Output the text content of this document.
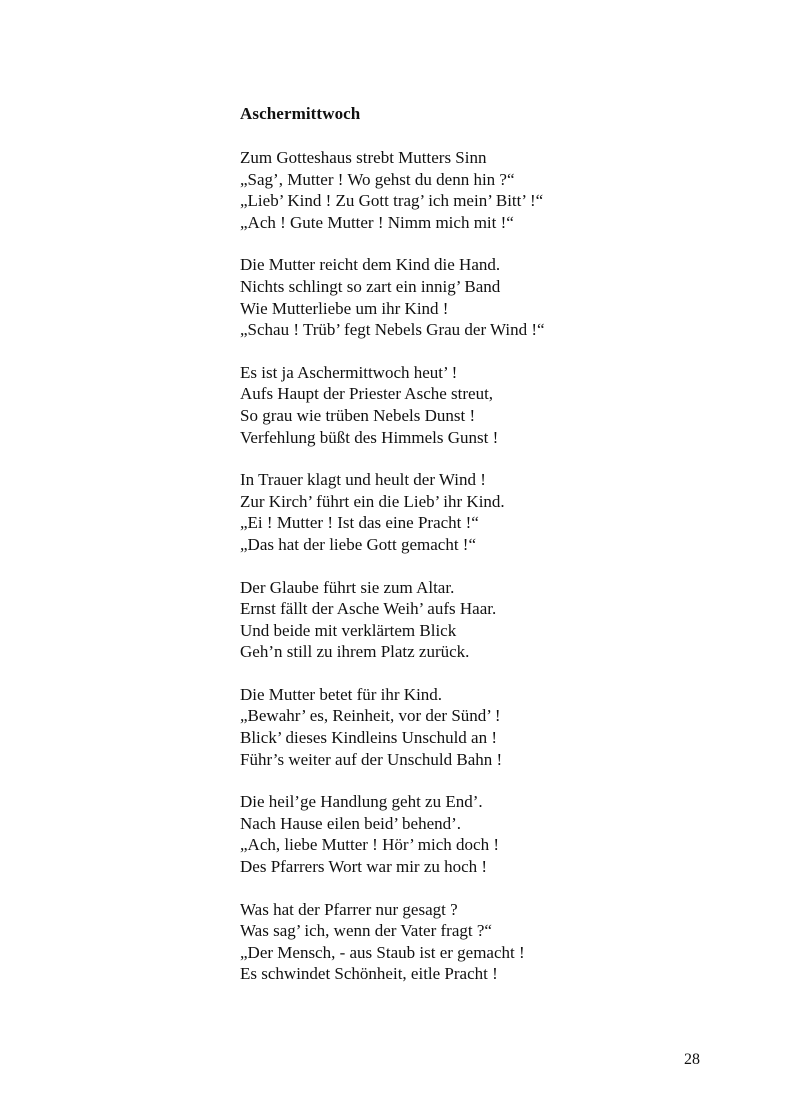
Aschermittwoch
Zum Gotteshaus strebt Mutters Sinn
„Sag’, Mutter ! Wo gehst du denn hin ?“
„Lieb’ Kind ! Zu Gott trag’ ich mein’ Bitt’ !“
„Ach ! Gute Mutter ! Nimm mich mit !“
Die Mutter reicht dem Kind die Hand.
Nichts schlingt so zart ein innig’ Band
Wie Mutterliebe um ihr Kind !
„Schau ! Trüb’ fegt Nebels Grau der Wind !“
Es ist ja Aschermittwoch heut’ !
Aufs Haupt der Priester Asche streut,
So grau wie trüben Nebels Dunst !
Verfehlung büßt des Himmels Gunst !
In Trauer klagt und heult der Wind !
Zur Kirch’ führt ein die Lieb’ ihr Kind.
„Ei ! Mutter ! Ist das eine Pracht !“
„Das hat der liebe Gott gemacht !“
Der Glaube führt sie zum Altar.
Ernst fällt der Asche Weih’ aufs Haar.
Und beide mit verklärtem Blick
Geh’n still zu ihrem Platz zurück.
Die Mutter betet für ihr Kind.
„Bewahr’ es, Reinheit, vor der Sünd’ !
Blick’ dieses Kindleins Unschuld an !
Führ’s weiter auf der Unschuld Bahn !
Die heil’ge Handlung geht zu End’.
Nach Hause eilen beid’ behend’.
„Ach, liebe Mutter ! Hör’ mich doch !
Des Pfarrers Wort war mir zu hoch !
Was hat der Pfarrer nur gesagt ?
Was sag’ ich, wenn der Vater fragt ?“
„Der Mensch, - aus Staub ist er gemacht !
Es schwindet Schönheit, eitle Pracht !
28
